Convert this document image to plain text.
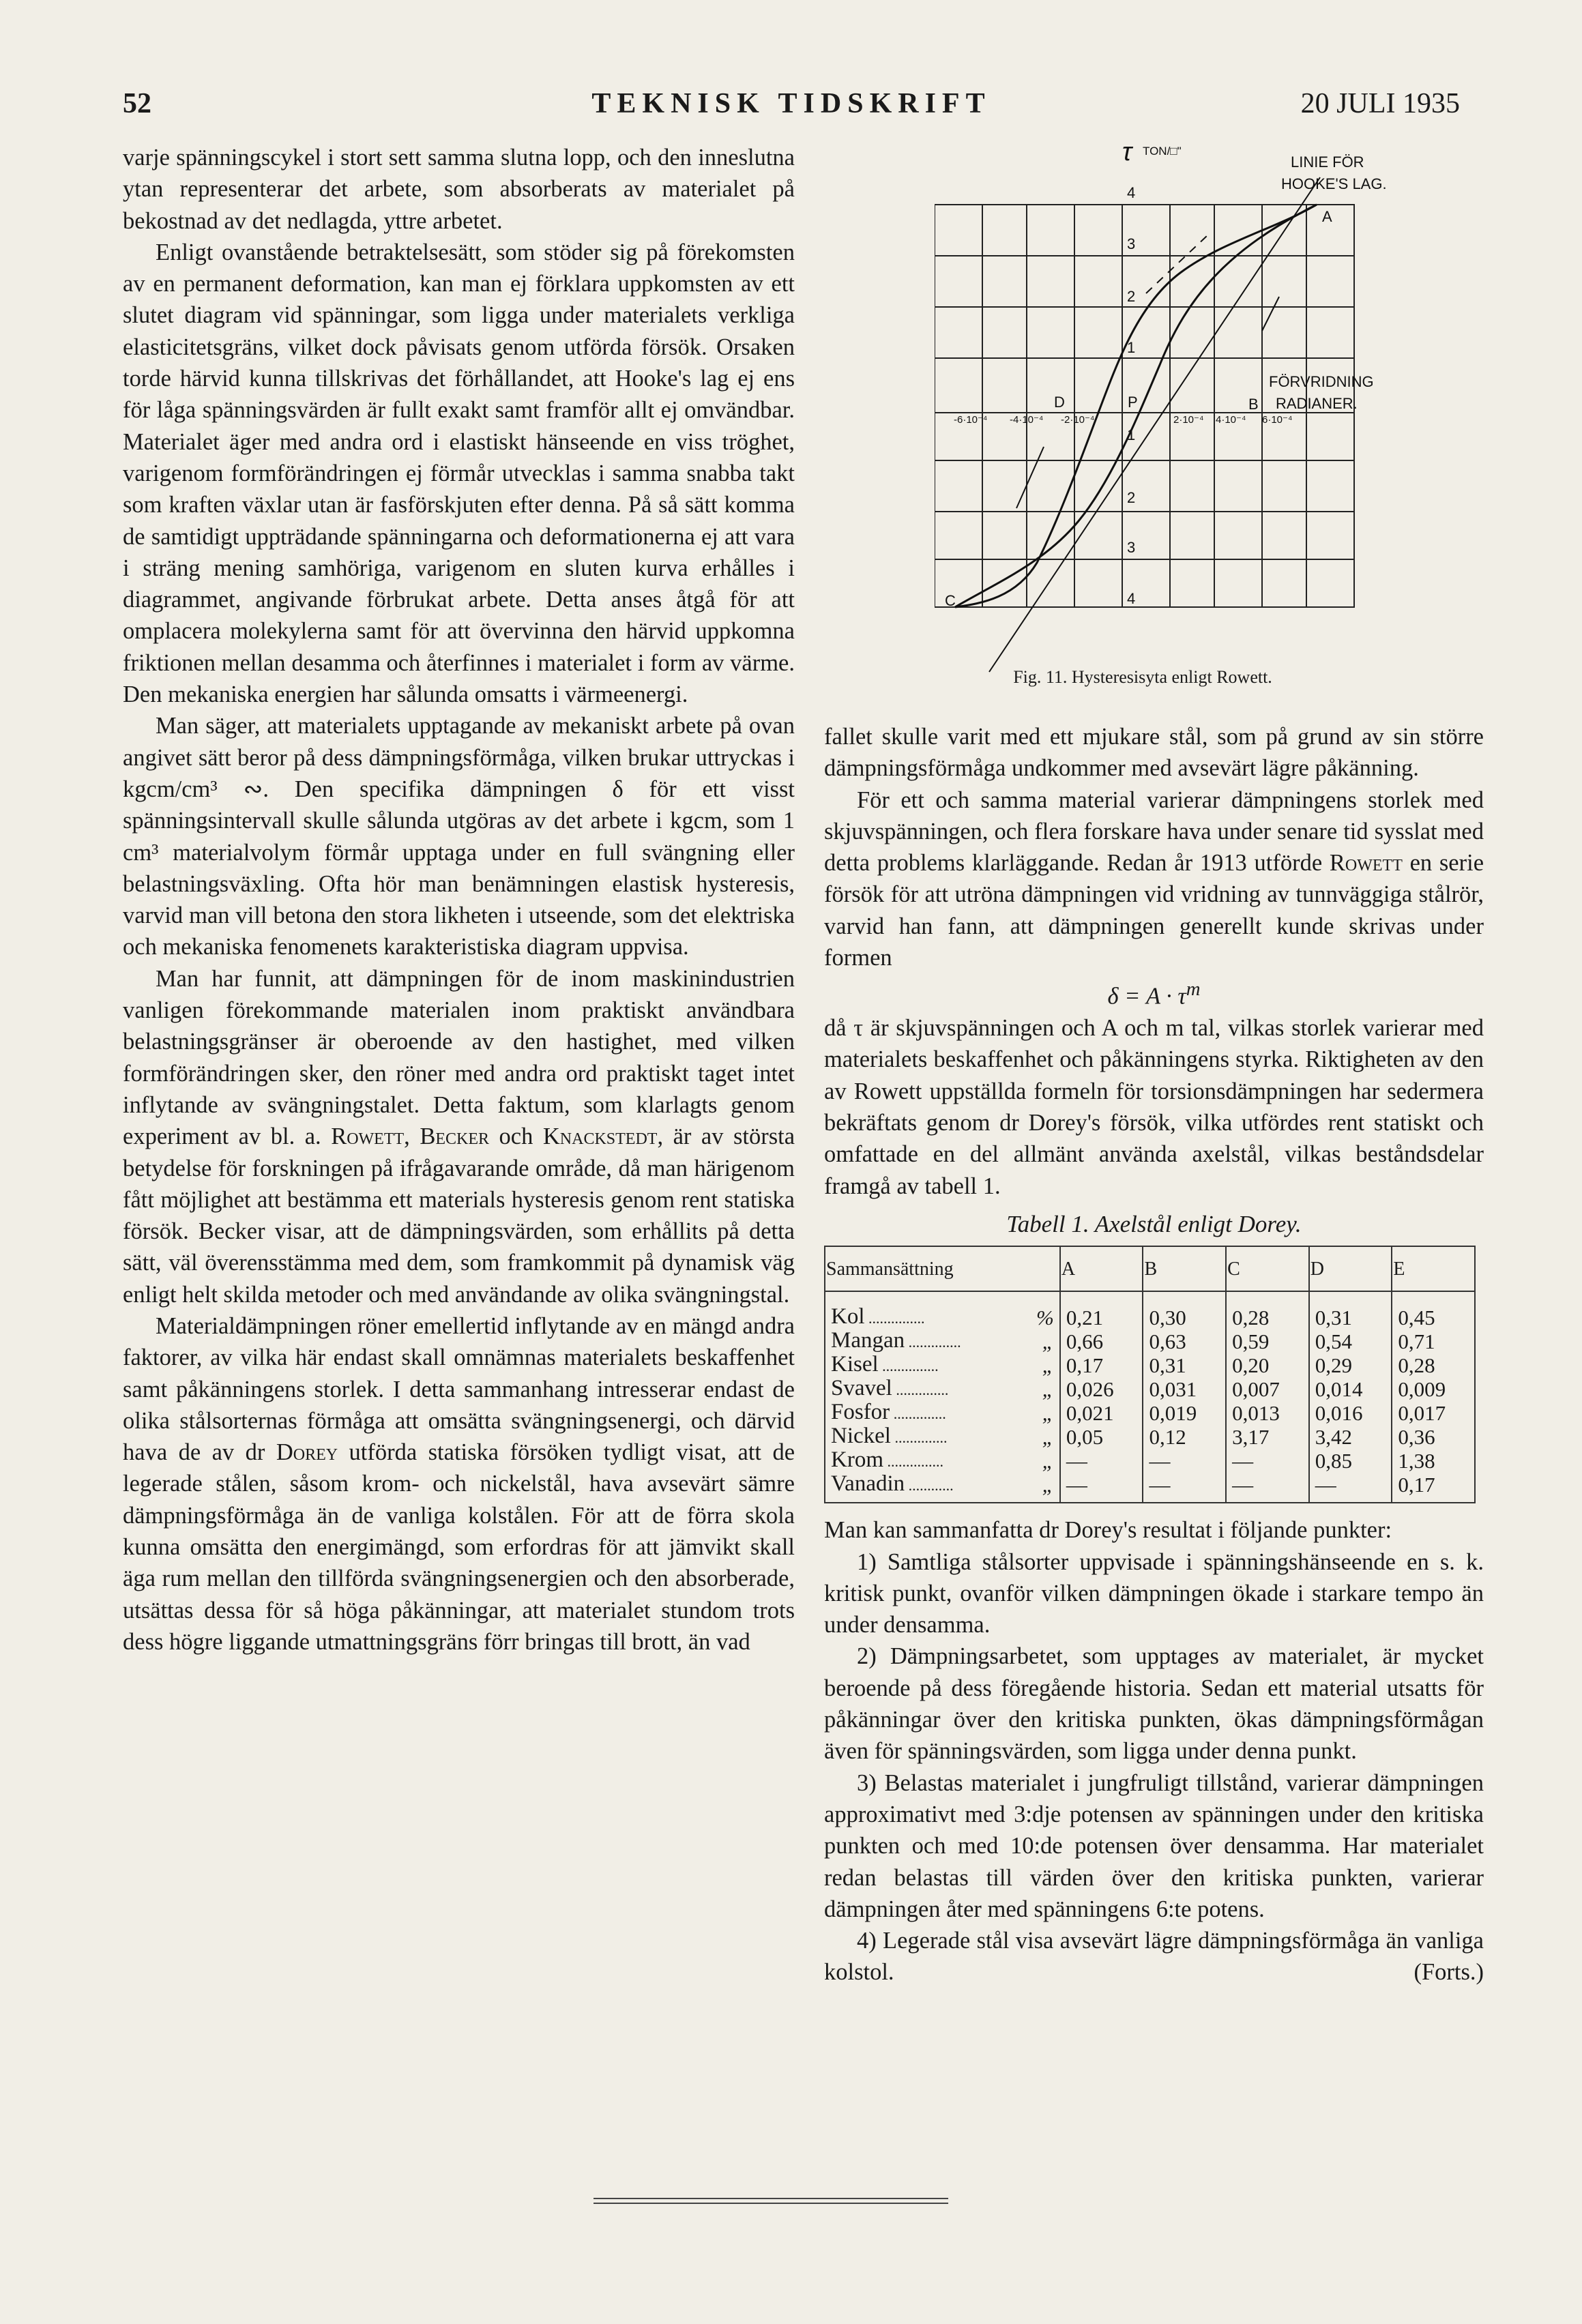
52	TEKNISK TIDSKRIFT	20 JULI 1935

varje spänningscykel i stort sett samma slutna lopp, och den inneslutna ytan representerar det arbete, som absorberats av materialet på bekostnad av det nedlagda, yttre arbetet.

Enligt ovanstående betraktelsesätt, som stöder sig på förekomsten av en permanent deformation, kan man ej förklara uppkomsten av ett slutet diagram vid spänningar, som ligga under materialets verkliga elasticitetsgräns, vilket dock påvisats genom utförda försök. Orsaken torde härvid kunna tillskrivas det förhållandet, att Hooke's lag ej ens för låga spänningsvärden är fullt exakt samt framför allt ej omvändbar. Materialet äger med andra ord i elastiskt hänseende en viss tröghet, varigenom formförändringen ej förmår utvecklas i samma snabba takt som kraften växlar utan är fasförskjuten efter denna. På så sätt komma de samtidigt uppträdande spänningarna och deformationerna ej att vara i sträng mening samhöriga, varigenom en sluten kurva erhålles i diagrammet, angivande förbrukat arbete. Detta anses åtgå för att omplacera molekylerna samt för att övervinna den härvid uppkomna friktionen mellan desamma och återfinnes i materialet i form av värme. Den mekaniska energien har sålunda omsatts i värmeenergi.

Man säger, att materialets upptagande av mekaniskt arbete på ovan angivet sätt beror på dess dämpningsförmåga, vilken brukar uttryckas i kgcm/cm³ ∾. Den specifika dämpningen δ för ett visst spänningsintervall skulle sålunda utgöras av det arbete i kgcm, som 1 cm³ materialvolym förmår upptaga under en full svängning eller belastningsväxling. Ofta hör man benämningen elastisk hysteresis, varvid man vill betona den stora likheten i utseende, som det elektriska och mekaniska fenomenets karakteristiska diagram uppvisa.

Man har funnit, att dämpningen för de inom maskinindustrien vanligen förekommande materialen inom praktiskt användbara belastningsgränser är oberoende av den hastighet, med vilken formförändringen sker, den röner med andra ord praktiskt taget intet inflytande av svängningstalet. Detta faktum, som klarlagts genom experiment av bl. a. Rowett, Becker och Knackstedt, är av största betydelse för forskningen på ifrågavarande område, då man härigenom fått möjlighet att bestämma ett materials hysteresis genom rent statiska försök. Becker visar, att de dämpningsvärden, som erhållits på detta sätt, väl överensstämma med dem, som framkommit på dynamisk väg enligt helt skilda metoder och med användande av olika svängningstal.

Materialdämpningen röner emellertid inflytande av en mängd andra faktorer, av vilka här endast skall omnämnas materialets beskaffenhet samt påkänningens storlek. I detta sammanhang intresserar endast de olika stålsorternas förmåga att omsätta svängningsenergi, och därvid hava de av dr Dorey utförda statiska försöken tydligt visat, att de legerade stålen, såsom krom- och nickelstål, hava avsevärt sämre dämpningsförmåga än de vanliga kolstålen. För att de förra skola kunna omsätta den energimängd, som erfordras för att jämvikt skall äga rum mellan den tillförda svängningsenergien och den absorberade, utsättas dessa för så höga påkänningar, att materialet stundom trots dess högre liggande utmattningsgräns förr bringas till brott, än vad

τ TON/□"
LINIE FÖR
HOOKE'S LAG.
A
FÖRVRIDNING
RADIANER.
B
D	P
C
4
3
2
1
1
2
3
4
-6·10⁻⁴ -4·10⁻⁴ -2·10⁻⁴	2·10⁻⁴ 4·10⁻⁴ 6·10⁻⁴
Fig. 11. Hysteresisyta enligt Rowett.

fallet skulle varit med ett mjukare stål, som på grund av sin större dämpningsförmåga undkommer med avsevärt lägre påkänning.

För ett och samma material varierar dämpningens storlek med skjuvspänningen, och flera forskare hava under senare tid sysslat med detta problems klarläggande. Redan år 1913 utförde Rowett en serie försök för att utröna dämpningen vid vridning av tunnväggiga stålrör, varvid han fann, att dämpningen generellt kunde skrivas under formen

$\delta = A \cdot \tau^m$

då τ är skjuvspänningen och A och m tal, vilkas storlek varierar med materialets beskaffenhet och påkänningens styrka. Riktigheten av den av Rowett uppställda formeln för torsionsdämpningen har sedermera bekräftats genom dr Dorey's försök, vilka utfördes rent statiskt och omfattade en del allmänt använda axelstål, vilkas beståndsdelar framgå av tabell 1.

Tabell 1. Axelstål enligt Dorey.

Sammansättning		A	B	C	D	E
Kol ...............	%	0,21	0,30	0,28	0,31	0,45
Mangan ..............	„	0,66	0,63	0,59	0,54	0,71
Kisel ...............	„	0,17	0,31	0,20	0,29	0,28
Svavel ..............	„	0,026	0,031	0,007	0,014	0,009
Fosfor ..............	„	0,021	0,019	0,013	0,016	0,017
Nickel ..............	„	0,05	0,12	3,17	3,42	0,36
Krom ...............	„	—	—	—	0,85	1,38
Vanadin ............	„	—	—	—	—	0,17

Man kan sammanfatta dr Dorey's resultat i följande punkter:

1) Samtliga stålsorter uppvisade i spänningshänseende en s. k. kritisk punkt, ovanför vilken dämpningen ökade i starkare tempo än under densamma.

2) Dämpningsarbetet, som upptages av materialet, är mycket beroende på dess föregående historia. Sedan ett material utsatts för påkänningar över den kritiska punkten, ökas dämpningsförmågan även för spänningsvärden, som ligga under denna punkt.

3) Belastas materialet i jungfruligt tillstånd, varierar dämpningen approximativt med 3:dje potensen av spänningen under den kritiska punkten och med 10:de potensen över densamma. Har materialet redan belastas till värden över den kritiska punkten, varierar dämpningen åter med spänningens 6:te potens.

4) Legerade stål visa avsevärt lägre dämpningsförmåga än vanliga kolstol.	(Forts.)
